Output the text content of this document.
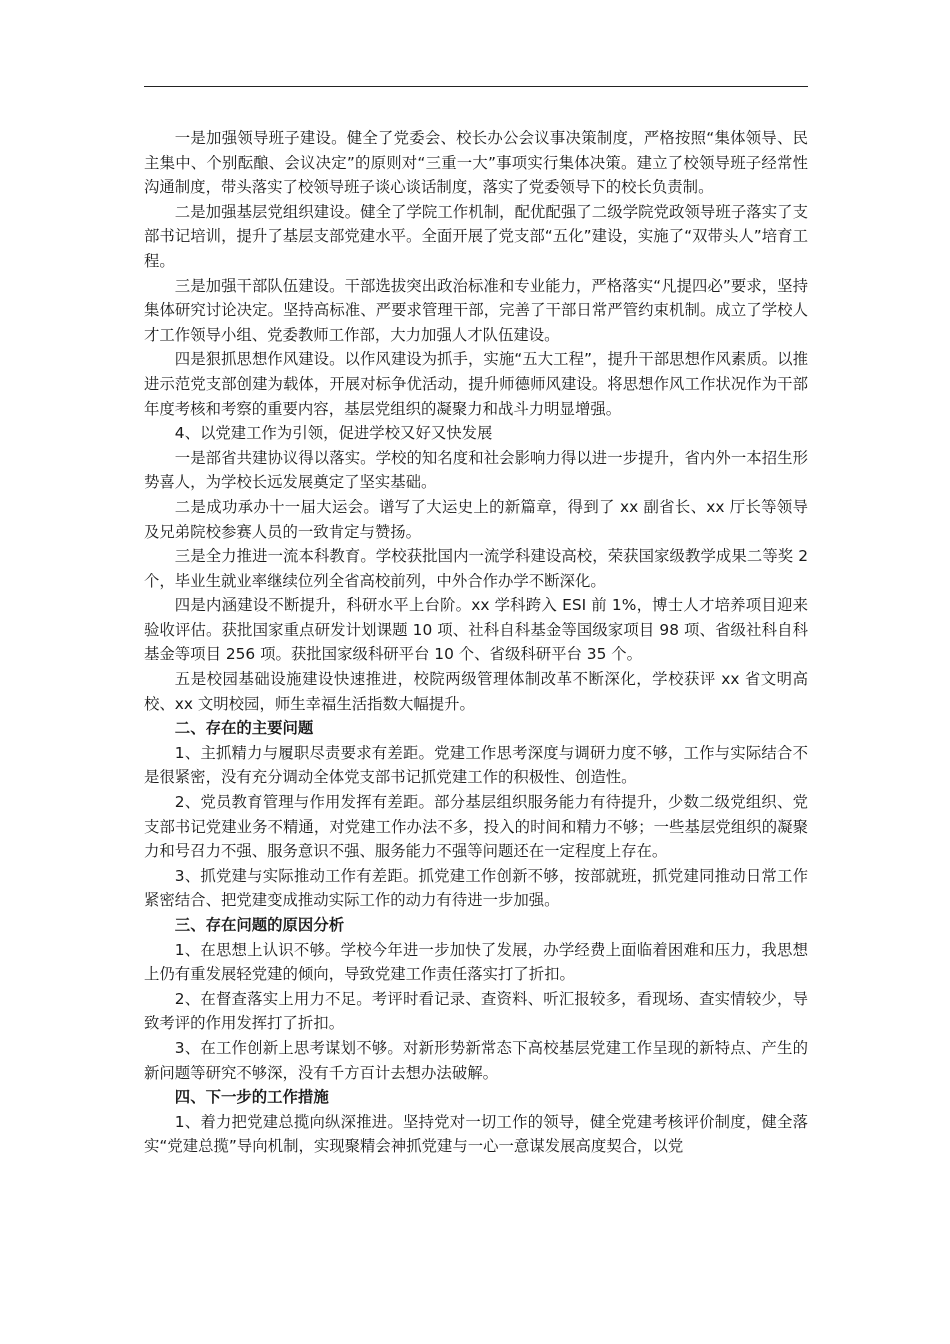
一是加强领导班子建设。健全了党委会、校长办公会议事决策制度，严格按照“集体领导、民主集中、个别酝酿、会议决定”的原则对“三重一大”事项实行集体决策。建立了校领导班子经常性沟通制度，带头落实了校领导班子谈心谈话制度，落实了党委领导下的校长负责制。

二是加强基层党组织建设。健全了学院工作机制，配优配强了二级学院党政领导班子落实了支部书记培训，提升了基层支部党建水平。全面开展了党支部“五化”建设，实施了“双带头人”培育工程。

三是加强干部队伍建设。干部选拔突出政治标准和专业能力，严格落实“凡提四必”要求，坚持集体研究讨论决定。坚持高标准、严要求管理干部，完善了干部日常严管约束机制。成立了学校人才工作领导小组、党委教师工作部，大力加强人才队伍建设。

四是狠抓思想作风建设。以作风建设为抓手，实施“五大工程”，提升干部思想作风素质。以推进示范党支部创建为载体，开展对标争优活动，提升师德师风建设。将思想作风工作状况作为干部年度考核和考察的重要内容，基层党组织的凝聚力和战斗力明显增强。

4、以党建工作为引领，促进学校又好又快发展

一是部省共建协议得以落实。学校的知名度和社会影响力得以进一步提升，省内外一本招生形势喜人，为学校长远发展奠定了坚实基础。

二是成功承办十一届大运会。谱写了大运史上的新篇章，得到了 xx 副省长、xx 厅长等领导及兄弟院校参赛人员的一致肯定与赞扬。

三是全力推进一流本科教育。学校获批国内一流学科建设高校，荣获国家级教学成果二等奖 2 个，毕业生就业率继续位列全省高校前列，中外合作办学不断深化。

四是内涵建设不断提升，科研水平上台阶。xx 学科跨入 ESI 前 1%，博士人才培养项目迎来验收评估。获批国家重点研发计划课题 10 项、社科自科基金等国级家项目 98 项、省级社科自科基金等项目 256 项。获批国家级科研平台 10 个、省级科研平台 35 个。

五是校园基础设施建设快速推进，校院两级管理体制改革不断深化，学校获评 xx 省文明高校、xx 文明校园，师生幸福生活指数大幅提升。

二、存在的主要问题

1、主抓精力与履职尽责要求有差距。党建工作思考深度与调研力度不够，工作与实际结合不是很紧密，没有充分调动全体党支部书记抓党建工作的积极性、创造性。

2、党员教育管理与作用发挥有差距。部分基层组织服务能力有待提升，少数二级党组织、党支部书记党建业务不精通，对党建工作办法不多，投入的时间和精力不够；一些基层党组织的凝聚力和号召力不强、服务意识不强、服务能力不强等问题还在一定程度上存在。

3、抓党建与实际推动工作有差距。抓党建工作创新不够，按部就班，抓党建同推动日常工作紧密结合、把党建变成推动实际工作的动力有待进一步加强。

三、存在问题的原因分析

1、在思想上认识不够。学校今年进一步加快了发展，办学经费上面临着困难和压力，我思想上仍有重发展轻党建的倾向，导致党建工作责任落实打了折扣。

2、在督查落实上用力不足。考评时看记录、查资料、听汇报较多，看现场、查实情较少，导致考评的作用发挥打了折扣。

3、在工作创新上思考谋划不够。对新形势新常态下高校基层党建工作呈现的新特点、产生的新问题等研究不够深，没有千方百计去想办法破解。

四、下一步的工作措施

1、着力把党建总揽向纵深推进。坚持党对一切工作的领导，健全党建考核评价制度，健全落实“党建总揽”导向机制，实现聚精会神抓党建与一心一意谋发展高度契合，以党
